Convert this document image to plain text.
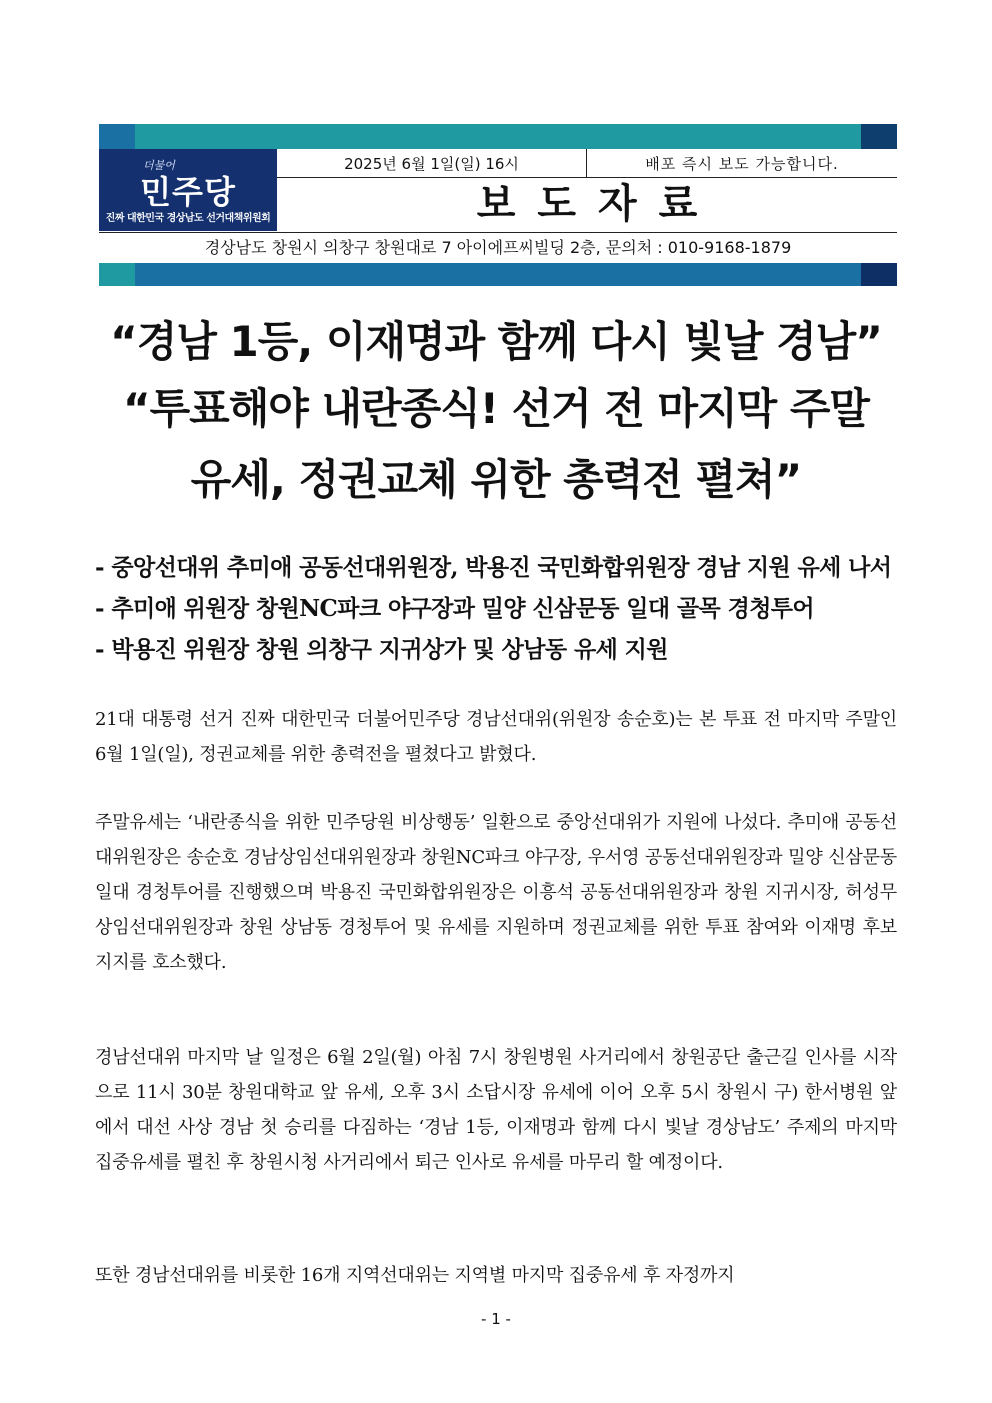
더불어
민주당
진짜 대한민국 경상남도 선거대책위원회
2025년 6월 1일(일) 16시	배포 즉시 보도 가능합니다.
보도자료
경상남도 창원시 의창구 창원대로 7 아이에프씨빌딩 2층, 문의처 : 010-9168-1879
“경남 1등, 이재명과 함께 다시 빛날 경남”
“투표해야 내란종식! 선거 전 마지막 주말
유세, 정권교체 위한 총력전 펼쳐”
- 중앙선대위 추미애 공동선대위원장, 박용진 국민화합위원장 경남 지원 유세 나서
- 추미애 위원장 창원NC파크 야구장과 밀양 신삼문동 일대 골목 경청투어
- 박용진 위원장 창원 의창구 지귀상가 및 상남동 유세 지원
21대 대통령 선거 진짜 대한민국 더불어민주당 경남선대위(위원장 송순호)는 본 투표 전 마지막 주말인 6월 1일(일), 정권교체를 위한 총력전을 펼쳤다고 밝혔다.
주말유세는 ‘내란종식을 위한 민주당원 비상행동’ 일환으로 중앙선대위가 지원에 나섰다. 추미애 공동선대위원장은 송순호 경남상임선대위원장과 창원NC파크 야구장, 우서영 공동선대위원장과 밀양 신삼문동 일대 경청투어를 진행했으며 박용진 국민화합위원장은 이흥석 공동선대위원장과 창원 지귀시장, 허성무 상임선대위원장과 창원 상남동 경청투어 및 유세를 지원하며 정권교체를 위한 투표 참여와 이재명 후보 지지를 호소했다.
경남선대위 마지막 날 일정은 6월 2일(월) 아침 7시 창원병원 사거리에서 창원공단 출근길 인사를 시작으로 11시 30분 창원대학교 앞 유세, 오후 3시 소답시장 유세에 이어 오후 5시 창원시 구) 한서병원 앞에서 대선 사상 경남 첫 승리를 다짐하는 ‘경남 1등, 이재명과 함께 다시 빛날 경상남도’ 주제의 마지막 집중유세를 펼친 후 창원시청 사거리에서 퇴근 인사로 유세를 마무리 할 예정이다.
또한 경남선대위를 비롯한 16개 지역선대위는 지역별 마지막 집중유세 후 자정까지
- 1 -
